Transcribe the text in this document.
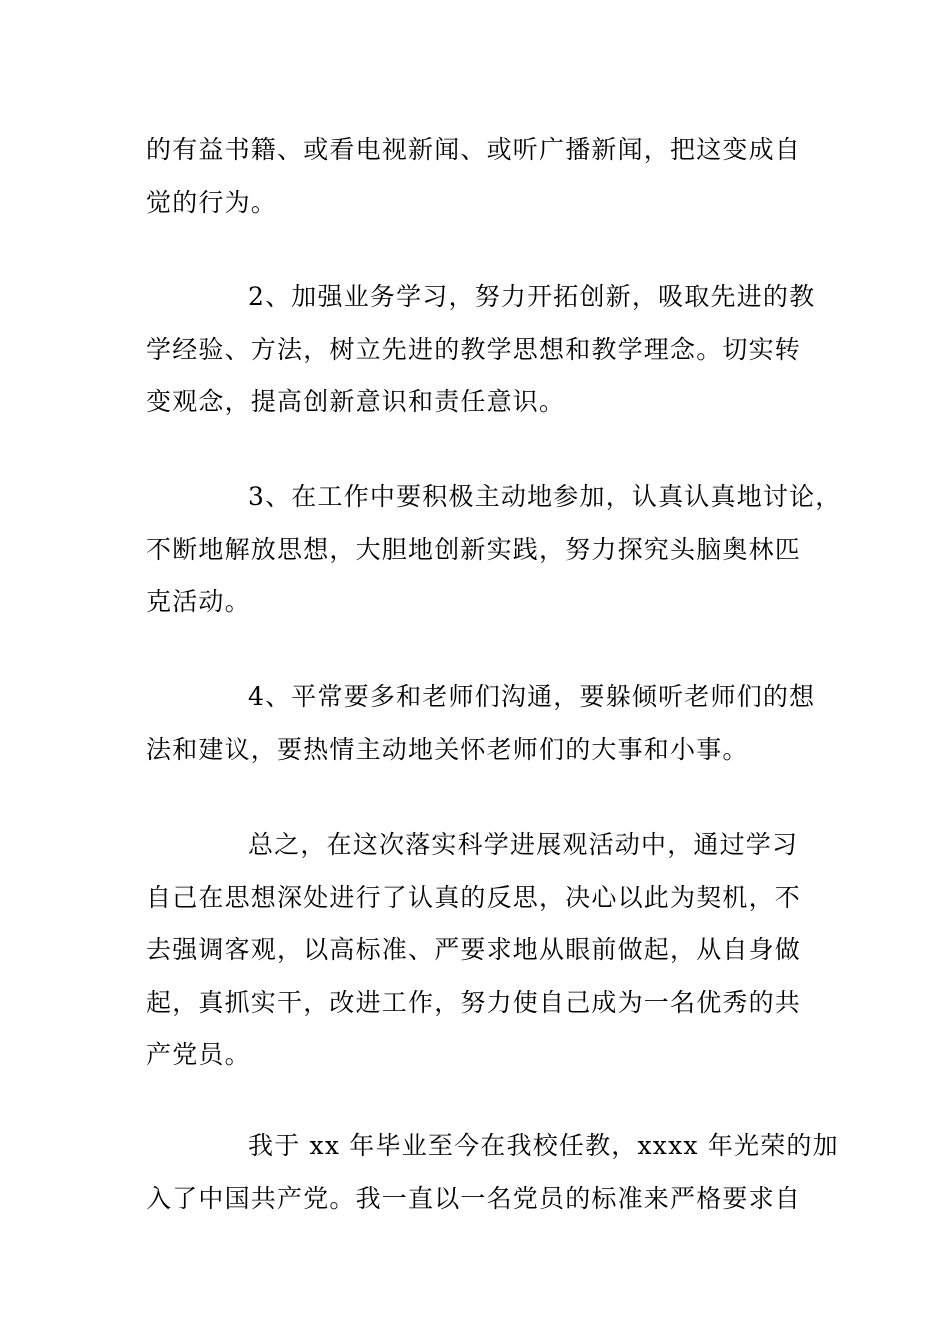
的有益书籍、或看电视新闻、或听广播新闻，把这变成自
觉的行为。

2、加强业务学习，努力开拓创新，吸取先进的教
学经验、方法，树立先进的教学思想和教学理念。切实转
变观念，提高创新意识和责任意识。

3、在工作中要积极主动地参加，认真认真地讨论，
不断地解放思想，大胆地创新实践，努力探究头脑奥林匹
克活动。

4、平常要多和老师们沟通，要躲倾听老师们的想
法和建议，要热情主动地关怀老师们的大事和小事。

总之，在这次落实科学进展观活动中，通过学习
自己在思想深处进行了认真的反思，决心以此为契机，不
去强调客观，以高标准、严要求地从眼前做起，从自身做
起，真抓实干，改进工作，努力使自己成为一名优秀的共
产党员。

我于 xx 年毕业至今在我校任教，xxxx 年光荣的加
入了中国共产党。我一直以一名党员的标准来严格要求自
